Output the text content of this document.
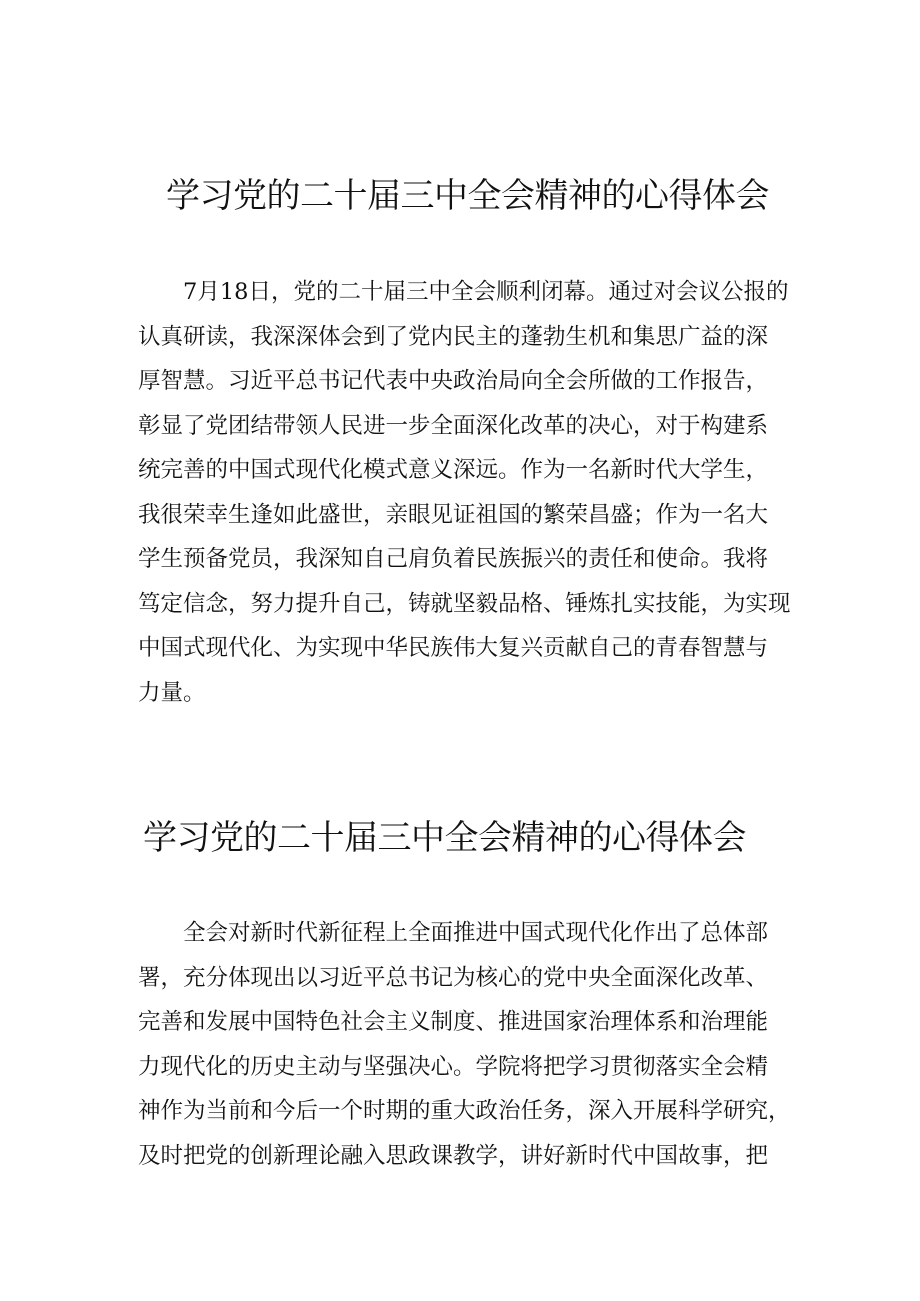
学习党的二十届三中全会精神的心得体会
7月18日，党的二十届三中全会顺利闭幕。通过对会议公报的
认真研读，我深深体会到了党内民主的蓬勃生机和集思广益的深
厚智慧。习近平总书记代表中央政治局向全会所做的工作报告，
彰显了党团结带领人民进一步全面深化改革的决心，对于构建系
统完善的中国式现代化模式意义深远。作为一名新时代大学生，
我很荣幸生逢如此盛世，亲眼见证祖国的繁荣昌盛；作为一名大
学生预备党员，我深知自己肩负着民族振兴的责任和使命。我将
笃定信念，努力提升自己，铸就坚毅品格、锤炼扎实技能，为实现
中国式现代化、为实现中华民族伟大复兴贡献自己的青春智慧与
力量。
学习党的二十届三中全会精神的心得体会
全会对新时代新征程上全面推进中国式现代化作出了总体部
署，充分体现出以习近平总书记为核心的党中央全面深化改革、
完善和发展中国特色社会主义制度、推进国家治理体系和治理能
力现代化的历史主动与坚强决心。学院将把学习贯彻落实全会精
神作为当前和今后一个时期的重大政治任务，深入开展科学研究，
及时把党的创新理论融入思政课教学，讲好新时代中国故事，把
